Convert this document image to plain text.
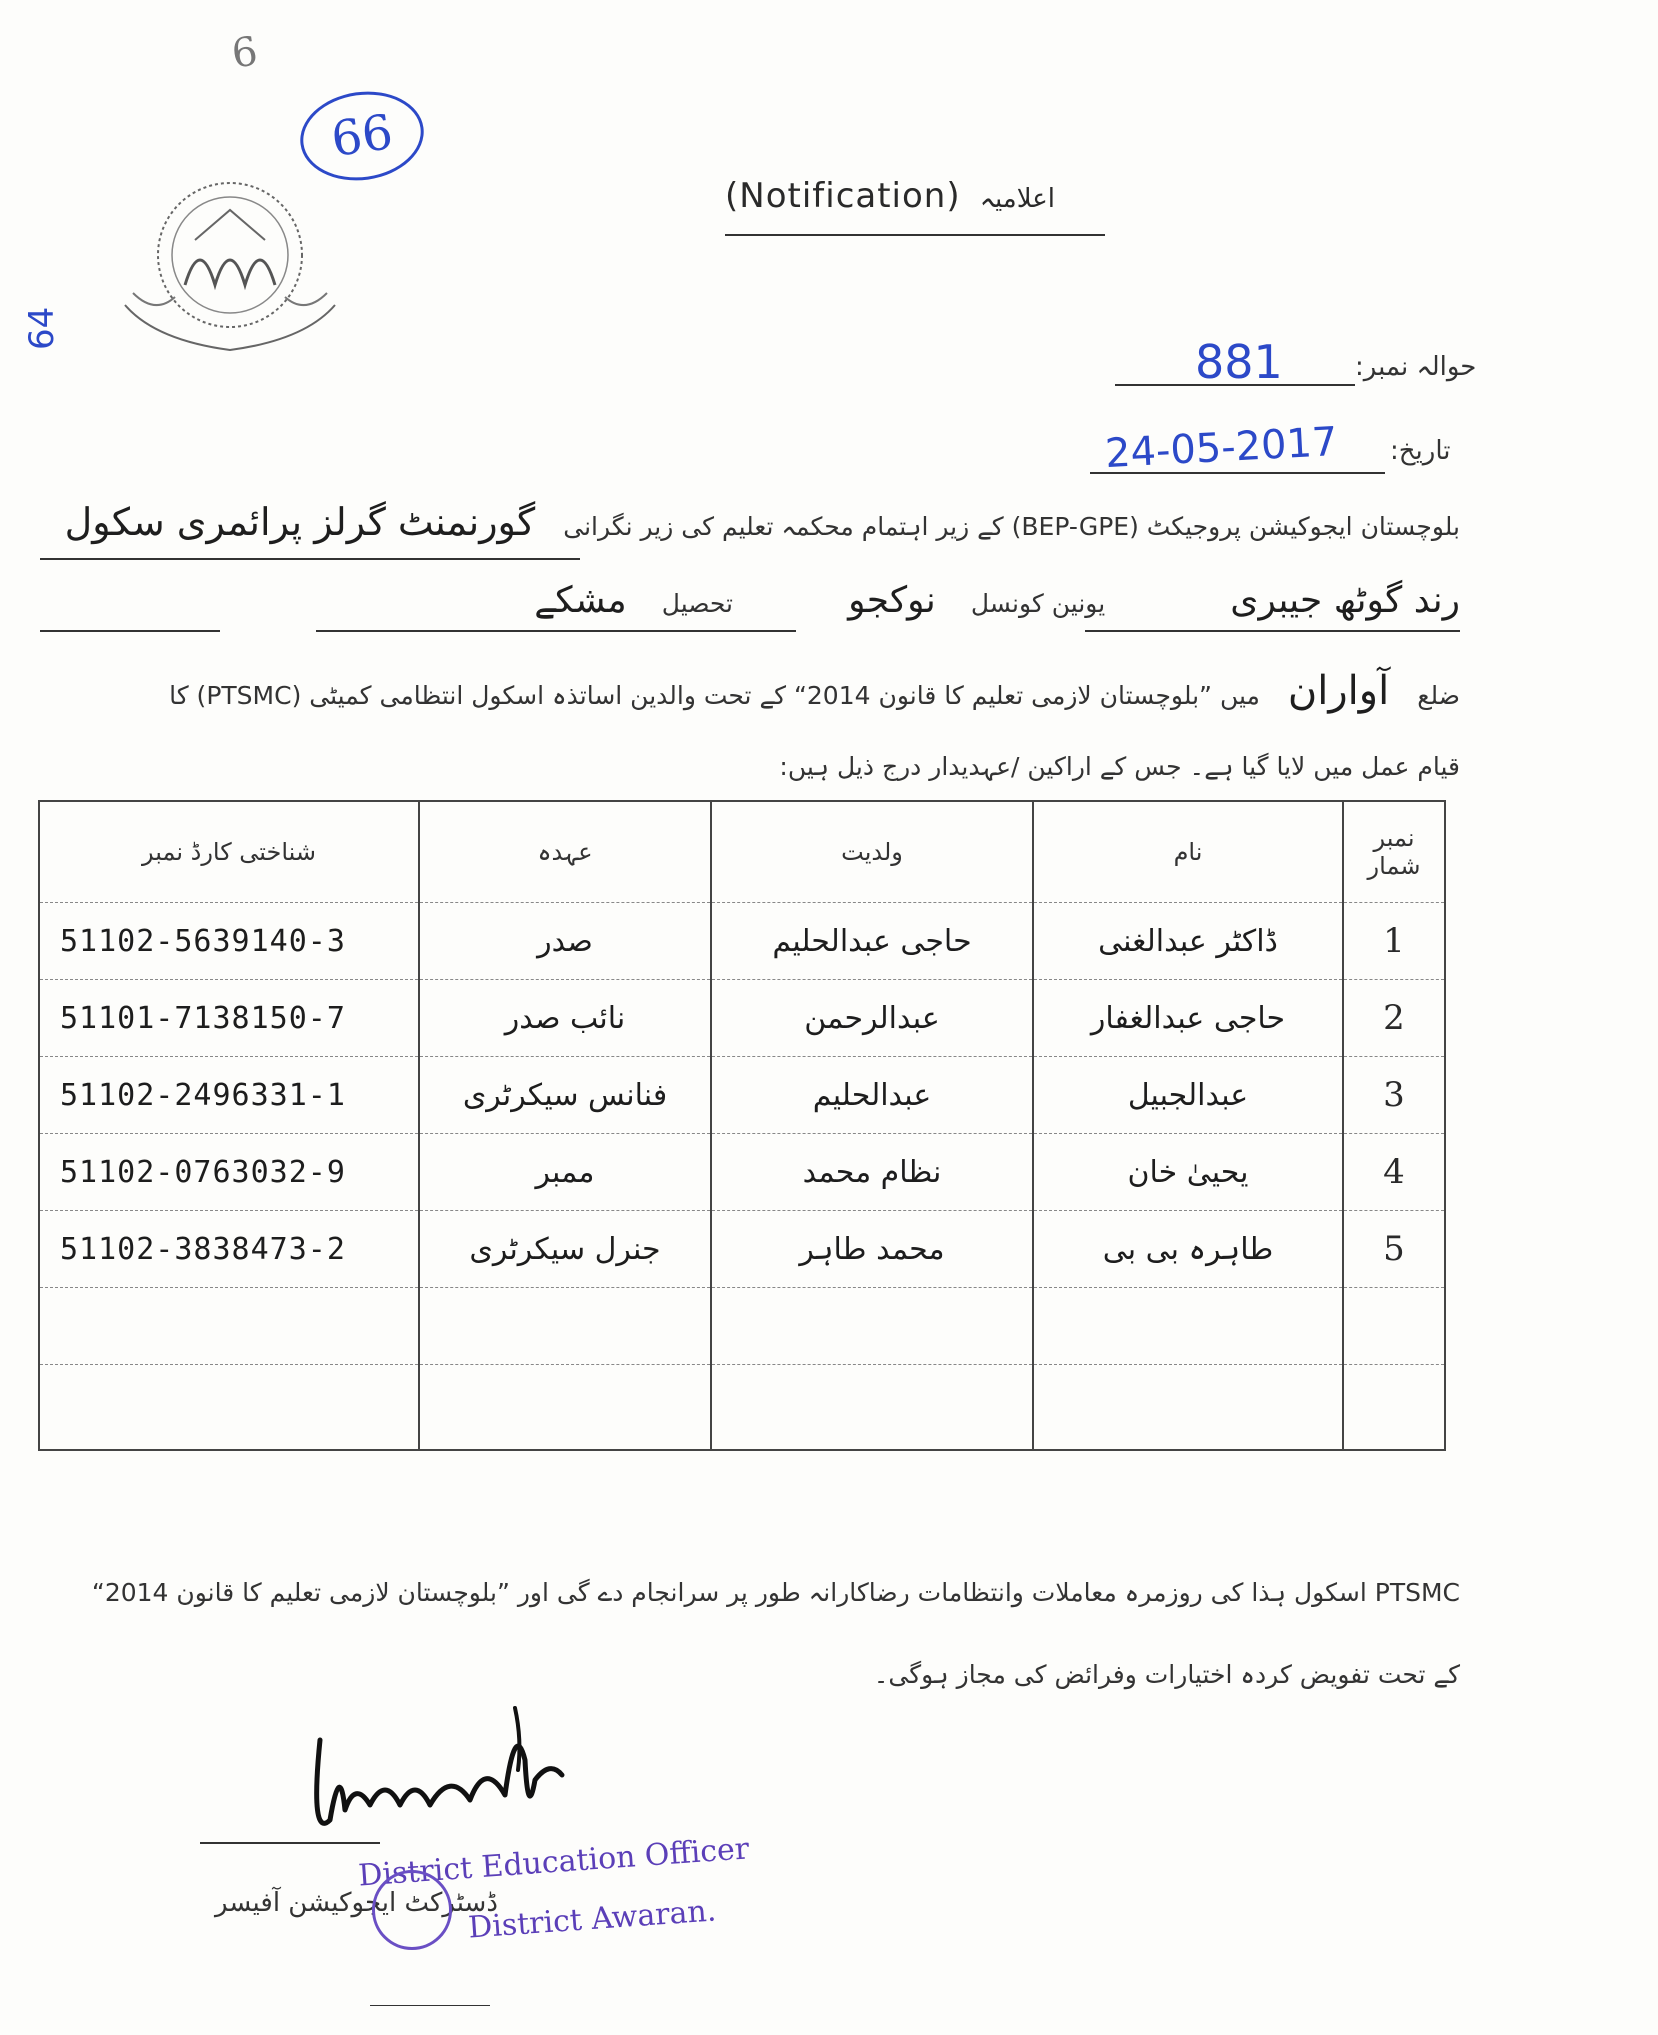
6
66
64
(Notification) اعلامیہ
حوالہ نمبر:
881
تاریخ:
24-05-2017
بلوچستان ایجوکیشن پروجیکٹ (BEP-GPE) کے زیر اہتمام محکمہ تعلیم کی زیر نگرانی گورنمنٹ گرلز پرائمری سکول
رند گوٹھ جیبری یونین کونسل نوکجو تحصیل مشکے
ضلع آواران میں ”بلوچستان لازمی تعلیم کا قانون 2014“ کے تحت والدین اساتذہ اسکول انتظامی کمیٹی (PTSMC) کا
قیام عمل میں لایا گیا ہے۔ جس کے اراکین /عہدیدار درج ذیل ہیں:
نمبر شمار	نام	ولدیت	عہدہ	شناختی کارڈ نمبر
1	ڈاکٹر عبدالغنی	حاجی عبدالحلیم	صدر	51102-5639140-3
2	حاجی عبدالغفار	عبدالرحمن	نائب صدر	51101-7138150-7
3	عبدالجبیل	عبدالحلیم	فنانس سیکرٹری	51102-2496331-1
4	یحییٰ خان	نظام محمد	ممبر	51102-0763032-9
5	طاہرہ بی بی	محمد طاہر	جنرل سیکرٹری	51102-3838473-2

PTSMC اسکول ہذا کی روزمرہ معاملات وانتظامات رضاکارانہ طور پر سرانجام دے گی اور ”بلوچستان لازمی تعلیم کا قانون 2014“
کے تحت تفویض کردہ اختیارات وفرائض کی مجاز ہوگی۔
District Education Officer
ڈسٹرکٹ ایجوکیشن آفیسر
District Awaran.
